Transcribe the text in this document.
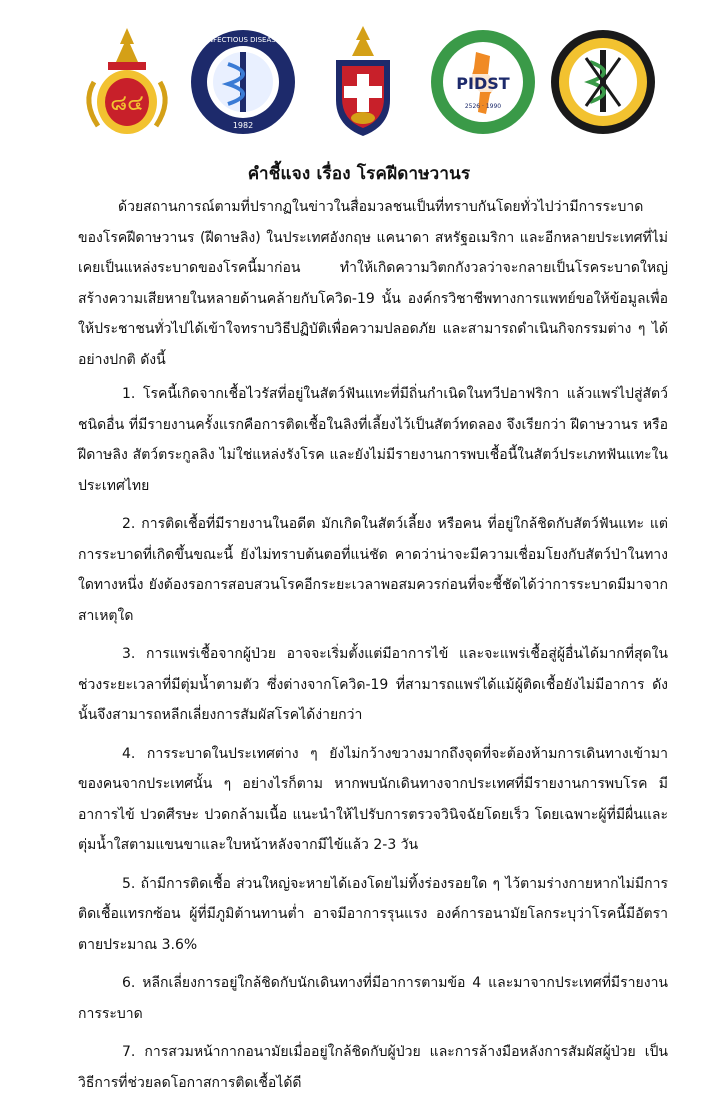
๘๔
INFECTIOUS DISEASE
1982
PIDST
2526 · 1990
คำชี้แจง เรื่อง โรคฝีดาษวานร

ด้วยสถานการณ์ตามที่ปรากฏในข่าวในสื่อมวลชนเป็นที่ทราบกันโดยทั่วไปว่ามีการระบาดของโรคฝีดาษวานร (ฝีดาษลิง) ในประเทศอังกฤษ แคนาดา สหรัฐอเมริกา และอีกหลายประเทศที่ไม่เคยเป็นแหล่งระบาดของโรคนี้มาก่อน ทำให้เกิดความวิตกกังวลว่าจะกลายเป็นโรคระบาดใหญ่ สร้างความเสียหายในหลายด้านคล้ายกับโควิด-19 นั้น องค์กรวิชาชีพทางการแพทย์ขอให้ข้อมูลเพื่อให้ประชาชนทั่วไปได้เข้าใจทราบวิธีปฏิบัติเพื่อความปลอดภัย และสามารถดำเนินกิจกรรมต่าง ๆ ได้อย่างปกติ ดังนี้

1. โรคนี้เกิดจากเชื้อไวรัสที่อยู่ในสัตว์ฟันแทะที่มีถิ่นกำเนิดในทวีปอาฟริกา แล้วแพร่ไปสู่สัตว์ชนิดอื่น ที่มีรายงานครั้งแรกคือการติดเชื้อในลิงที่เลี้ยงไว้เป็นสัตว์ทดลอง จึงเรียกว่า ฝีดาษวานร หรือฝีดาษลิง สัตว์ตระกูลลิง ไม่ใช่แหล่งรังโรค และยังไม่มีรายงานการพบเชื้อนี้ในสัตว์ประเภทฟันแทะในประเทศไทย

2. การติดเชื้อที่มีรายงานในอดีต มักเกิดในสัตว์เลี้ยง หรือคน ที่อยู่ใกล้ชิดกับสัตว์ฟันแทะ แต่การระบาดที่เกิดขึ้นขณะนี้ ยังไม่ทราบต้นตอที่แน่ชัด คาดว่าน่าจะมีความเชื่อมโยงกับสัตว์ป่าในทางใดทางหนึ่ง ยังต้องรอการสอบสวนโรคอีกระยะเวลาพอสมควรก่อนที่จะชี้ชัดได้ว่าการระบาดมีมาจากสาเหตุใด

3. การแพร่เชื้อจากผู้ป่วย อาจจะเริ่มตั้งแต่มีอาการไข้ และจะแพร่เชื้อสู่ผู้อื่นได้มากที่สุดในช่วงระยะเวลาที่มีตุ่มน้ำตามตัว ซึ่งต่างจากโควิด-19 ที่สามารถแพร่ได้แม้ผู้ติดเชื้อยังไม่มีอาการ ดังนั้นจึงสามารถหลีกเลี่ยงการสัมผัสโรคได้ง่ายกว่า

4. การระบาดในประเทศต่าง ๆ ยังไม่กว้างขวางมากถึงจุดที่จะต้องห้ามการเดินทางเข้ามาของคนจากประเทศนั้น ๆ อย่างไรก็ตาม หากพบนักเดินทางจากประเทศที่มีรายงานการพบโรค มีอาการไข้ ปวดศีรษะ ปวดกล้ามเนื้อ แนะนำให้ไปรับการตรวจวินิจฉัยโดยเร็ว โดยเฉพาะผู้ที่มีผื่นและตุ่มน้ำใสตามแขนขาและใบหน้าหลังจากมีไข้แล้ว 2-3 วัน

5. ถ้ามีการติดเชื้อ ส่วนใหญ่จะหายได้เองโดยไม่ทิ้งร่องรอยใด ๆ ไว้ตามร่างกายหากไม่มีการติดเชื้อแทรกซ้อน ผู้ที่มีภูมิต้านทานต่ำ อาจมีอาการรุนแรง องค์การอนามัยโลกระบุว่าโรคนี้มีอัตราตายประมาณ 3.6%

6. หลีกเลี่ยงการอยู่ใกล้ชิดกับนักเดินทางที่มีอาการตามข้อ 4 และมาจากประเทศที่มีรายงานการระบาด

7. การสวมหน้ากากอนามัยเมื่ออยู่ใกล้ชิดกับผู้ป่วย และการล้างมือหลังการสัมผัสผู้ป่วย เป็นวิธีการที่ช่วยลดโอกาสการติดเชื้อได้ดี
